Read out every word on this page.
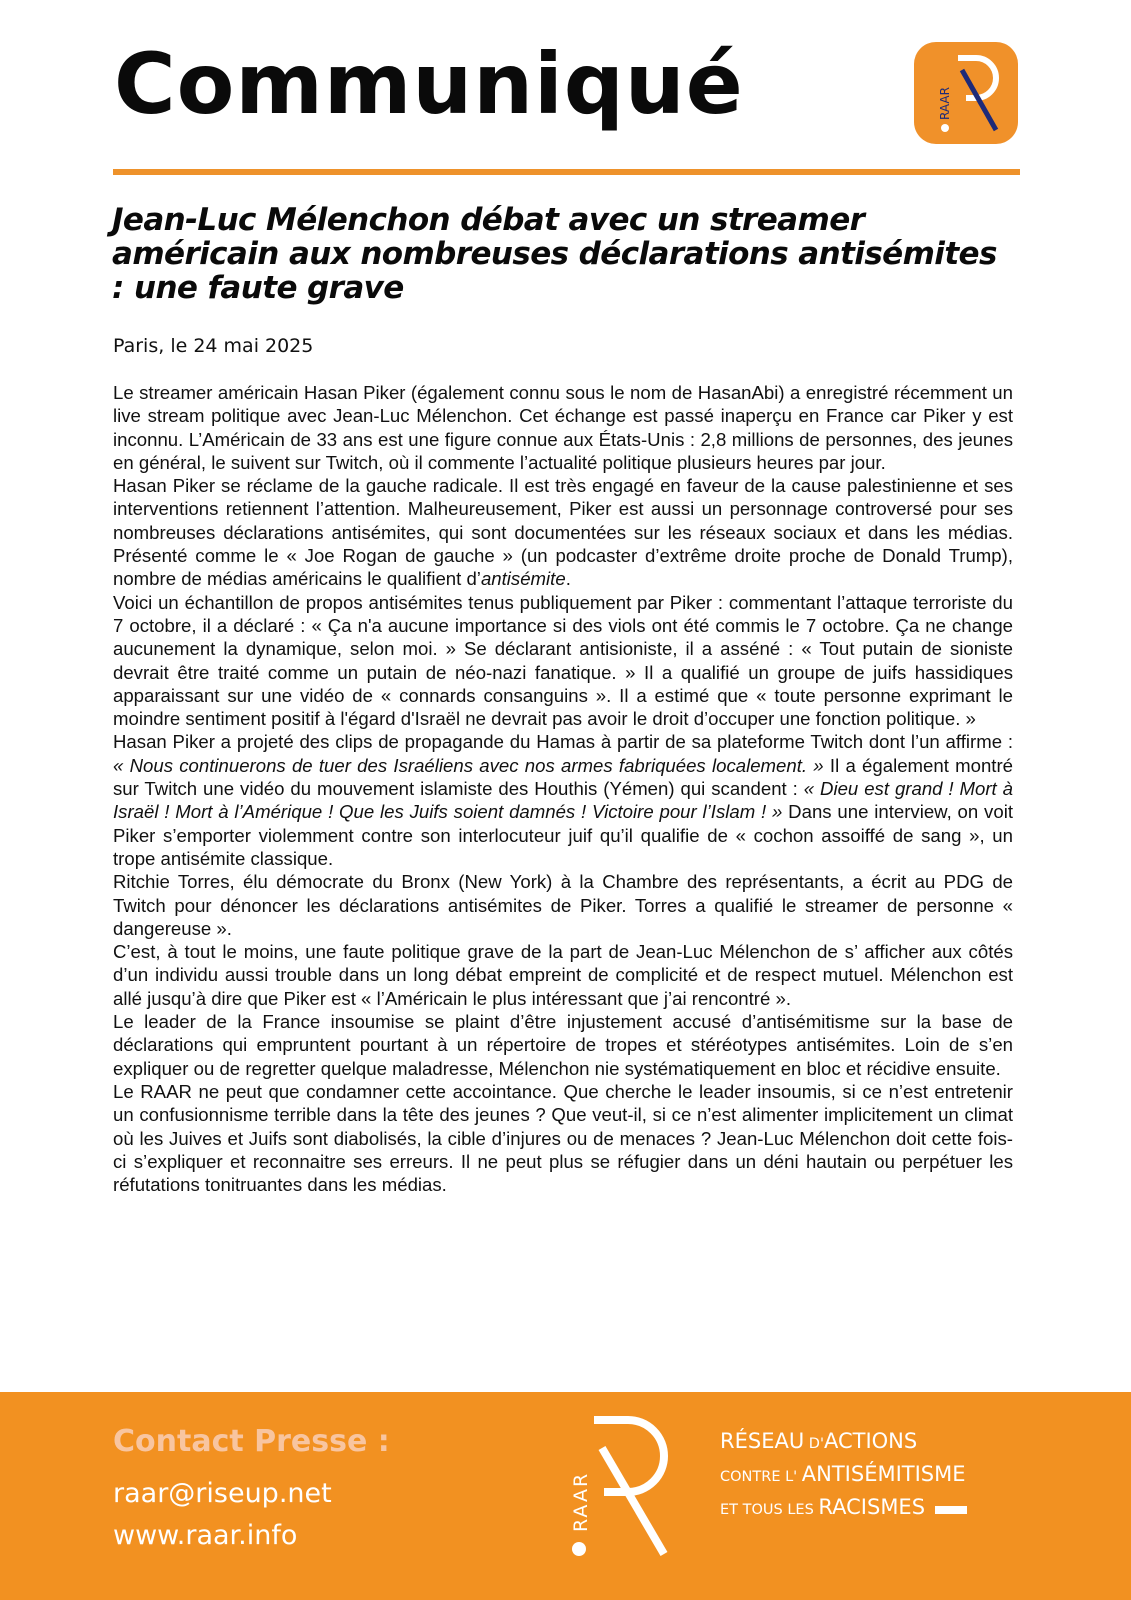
Communiqué	RAAR
Jean-Luc Mélenchon débat avec un streamer américain aux nombreuses déclarations antisémites : une faute grave
Paris, le 24 mai 2025

Le streamer américain Hasan Piker (également connu sous le nom de HasanAbi) a enregistré récemment un live stream politique avec Jean-Luc Mélenchon. Cet échange est passé inaperçu en France car Piker y est inconnu. L’Américain de 33 ans est une figure connue aux États-Unis : 2,8 millions de personnes, des jeunes en général, le suivent sur Twitch, où il commente l’actualité politique plusieurs heures par jour.

Hasan Piker se réclame de la gauche radicale. Il est très engagé en faveur de la cause palestinienne et ses interventions retiennent l’attention. Malheureusement, Piker est aussi un personnage controversé pour ses nombreuses déclarations antisémites, qui sont documentées sur les réseaux sociaux et dans les médias. Présenté comme le « Joe Rogan de gauche » (un podcaster d’extrême droite proche de Donald Trump), nombre de médias américains le qualifient d’antisémite.

Voici un échantillon de propos antisémites tenus publiquement par Piker : commentant l’attaque terroriste du 7 octobre, il a déclaré : « Ça n'a aucune importance si des viols ont été commis le 7 octobre. Ça ne change aucunement la dynamique, selon moi. » Se déclarant antisioniste, il a asséné : « Tout putain de sioniste devrait être traité comme un putain de néo-nazi fanatique. » Il a qualifié un groupe de juifs hassidiques apparaissant sur une vidéo de « connards consanguins ». Il a estimé que « toute personne exprimant le moindre sentiment positif à l'égard d'Israël ne devrait pas avoir le droit d’occuper une fonction politique. »

Hasan Piker a projeté des clips de propagande du Hamas à partir de sa plateforme Twitch dont l’un affirme : « Nous continuerons de tuer des Israéliens avec nos armes fabriquées localement. » Il a également montré sur Twitch une vidéo du mouvement islamiste des Houthis (Yémen) qui scandent : « Dieu est grand ! Mort à Israël ! Mort à l’Amérique ! Que les Juifs soient damnés ! Victoire pour l’Islam ! » Dans une interview, on voit Piker s’emporter violemment contre son interlocuteur juif qu’il qualifie de « cochon assoiffé de sang », un trope antisémite classique.

Ritchie Torres, élu démocrate du Bronx (New York) à la Chambre des représentants, a écrit au PDG de Twitch pour dénoncer les déclarations antisémites de Piker. Torres a qualifié le streamer de personne « dangereuse ».

C’est, à tout le moins, une faute politique grave de la part de Jean-Luc Mélenchon de s’ afficher aux côtés d’un individu aussi trouble dans un long débat empreint de complicité et de respect mutuel. Mélenchon est allé jusqu’à dire que Piker est « l’Américain le plus intéressant que j’ai rencontré ».

Le leader de la France insoumise se plaint d’être injustement accusé d’antisémitisme sur la base de déclarations qui empruntent pourtant à un répertoire de tropes et stéréotypes antisémites. Loin de s’en expliquer ou de regretter quelque maladresse, Mélenchon nie systématiquement en bloc et récidive ensuite.

Le RAAR ne peut que condamner cette accointance. Que cherche le leader insoumis, si ce n’est entretenir un confusionnisme terrible dans la tête des jeunes ? Que veut-il, si ce n’est alimenter implicitement un climat où les Juives et Juifs sont diabolisés, la cible d’injures ou de menaces ? Jean-Luc Mélenchon doit cette fois-ci s’expliquer et reconnaitre ses erreurs. Il ne peut plus se réfugier dans un déni hautain ou perpétuer les réfutations tonitruantes dans les médias.

Contact Presse :
raar@riseup.net
www.raar.info
RAAR
RÉSEAU D'ACTIONS
CONTRE L' ANTISÉMITISME
ET TOUS LES RACISMES
